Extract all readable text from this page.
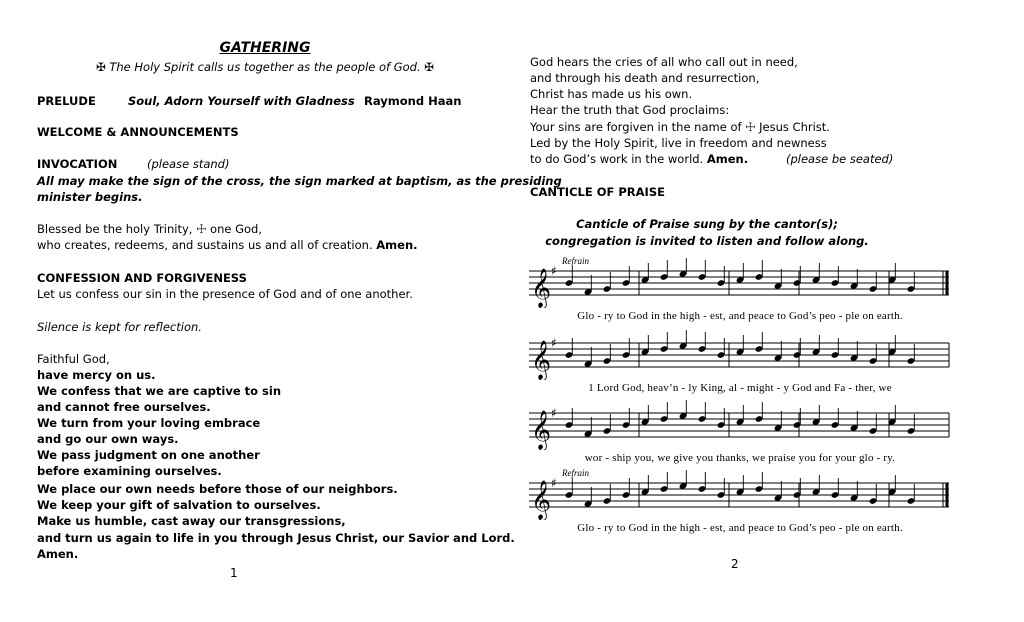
GATHERING
✠ The Holy Spirit calls us together as the people of God. ✠
PRELUDE	Soul, Adorn Yourself with Gladness Raymond Haan
WELCOME & ANNOUNCEMENTS
INVOCATION	(please stand)
All may make the sign of the cross, the sign marked at baptism, as the presiding
minister begins.
Blessed be the holy Trinity, ☩ one God,
who creates, redeems, and sustains us and all of creation. Amen.
CONFESSION AND FORGIVENESS
Let us confess our sin in the presence of God and of one another.
Silence is kept for reflection.
Faithful God,
have mercy on us.
We confess that we are captive to sin
and cannot free ourselves.
We turn from your loving embrace
and go our own ways.
We pass judgment on one another
before examining ourselves.
We place our own needs before those of our neighbors.
We keep your gift of salvation to ourselves.
Make us humble, cast away our transgressions,
and turn us again to life in you through Jesus Christ, our Savior and Lord.
Amen.
1
God hears the cries of all who call out in need,
and through his death and resurrection,
Christ has made us his own.
Hear the truth that God proclaims:
Your sins are forgiven in the name of ☩ Jesus Christ.
Led by the Holy Spirit, live in freedom and newness
to do God’s work in the world. Amen.	(please be seated)
CANTICLE OF PRAISE
Canticle of Praise sung by the cantor(s);
congregation is invited to listen and follow along.
Refrain
𝄞 ♯
Glo - ry to God in the high - est, and peace to God’s peo - ple on earth.
𝄞 ♯
1 Lord God, heav’n - ly King, al - might - y God and Fa - ther, we
𝄞 ♯
wor - ship you, we give you thanks, we praise you for your glo - ry.
Refrain
𝄞 ♯
Glo - ry to God in the high - est, and peace to God’s peo - ple on earth.
2
